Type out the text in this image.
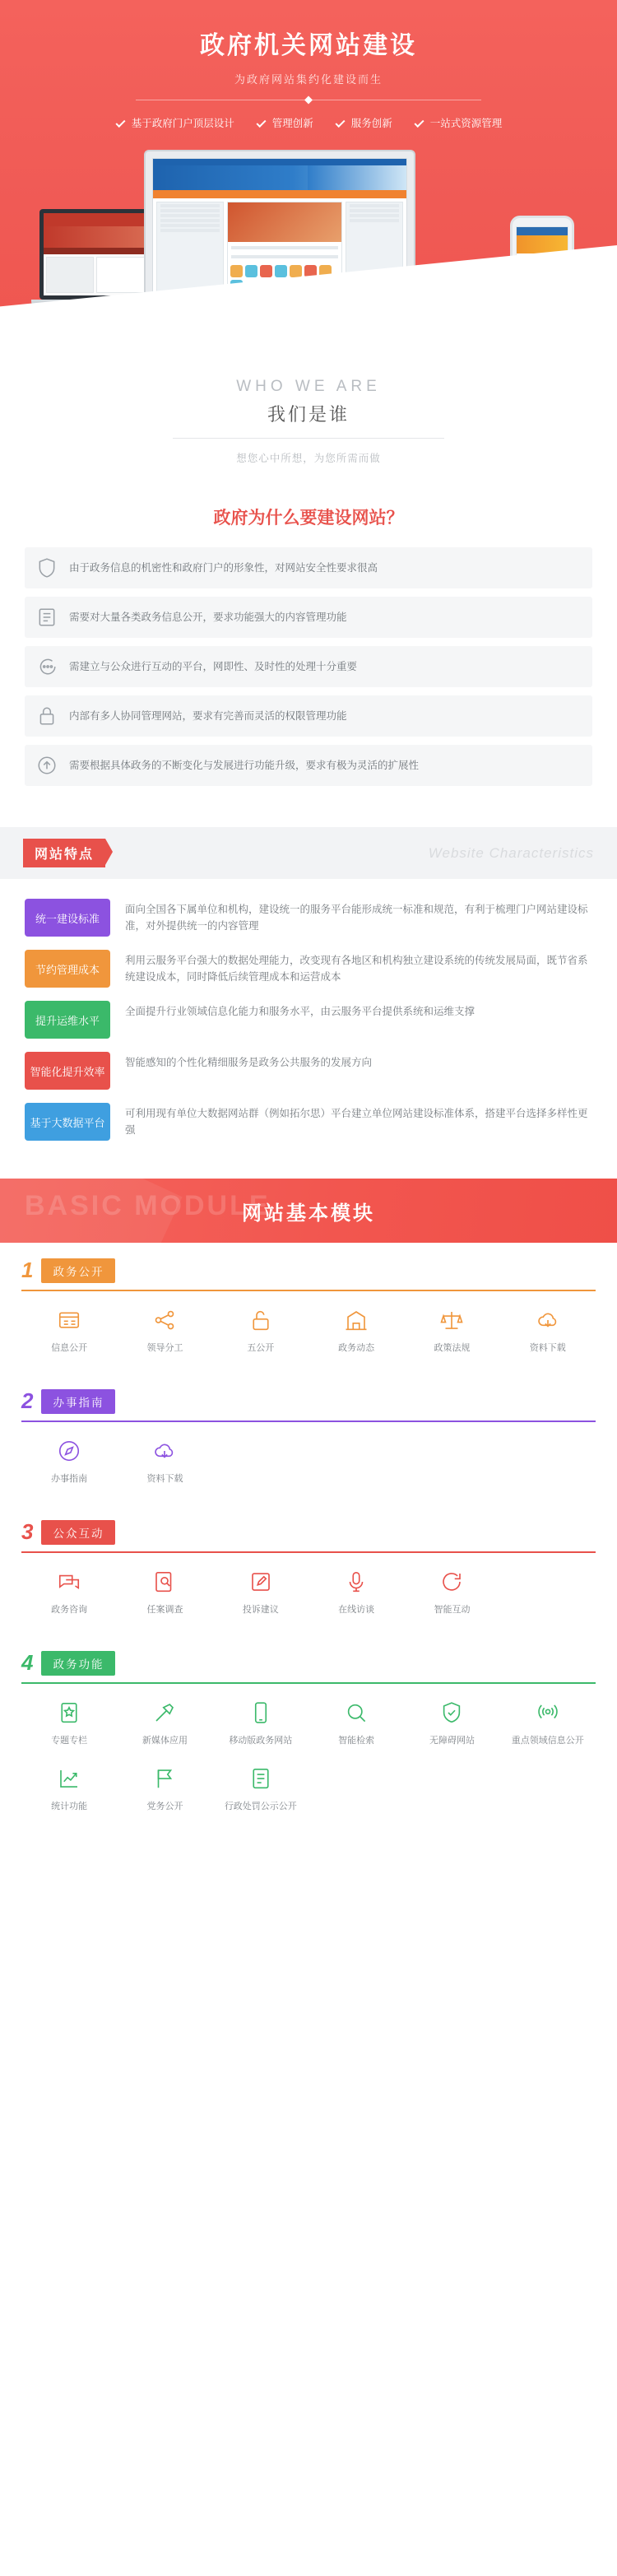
政府机关网站建设
为政府网站集约化建设而生
基于政府门户顶层设计	管理创新	服务创新	一站式资源管理
WHO WE ARE
我们是谁
想您心中所想，为您所需而做
政府为什么要建设网站？
由于政务信息的机密性和政府门户的形象性，对网站安全性要求很高
需要对大量各类政务信息公开，要求功能强大的内容管理功能
需建立与公众进行互动的平台，网即性、及时性的处理十分重要
内部有多人协同管理网站，要求有完善而灵活的权限管理功能
需要根据具体政务的不断变化与发展进行功能升级，要求有极为灵活的扩展性
网站特点	Website Characteristics
统一建设标准
面向全国各下属单位和机构，建设统一的服务平台能形成统一标准和规范，有利于梳理门户网站建设标准，对外提供统一的内容管理
节约管理成本
利用云服务平台强大的数据处理能力，改变现有各地区和机构独立建设系统的传统发展局面，既节省系统建设成本，同时降低后续管理成本和运营成本
提升运维水平
全面提升行业领域信息化能力和服务水平，由云服务平台提供系统和运维支撑
智能化提升效率
智能感知的个性化精细服务是政务公共服务的发展方向
基于大数据平台
可利用现有单位大数据网站群（例如拓尔思）平台建立单位网站建设标准体系，搭建平台选择多样性更强
BASIC MODULE
网站基本模块
1	政务公开
信息公开	领导分工	五公开	政务动态	政策法规	资料下载
2	办事指南
办事指南	资料下载
3	公众互动
政务咨询	任案调查	投诉建议	在线访谈	智能互动
4	政务功能
专题专栏	新媒体应用	移动版政务网站	智能检索	无障碍网站	重点领域信息公开
统计功能	党务公开	行政处罚公示公开
